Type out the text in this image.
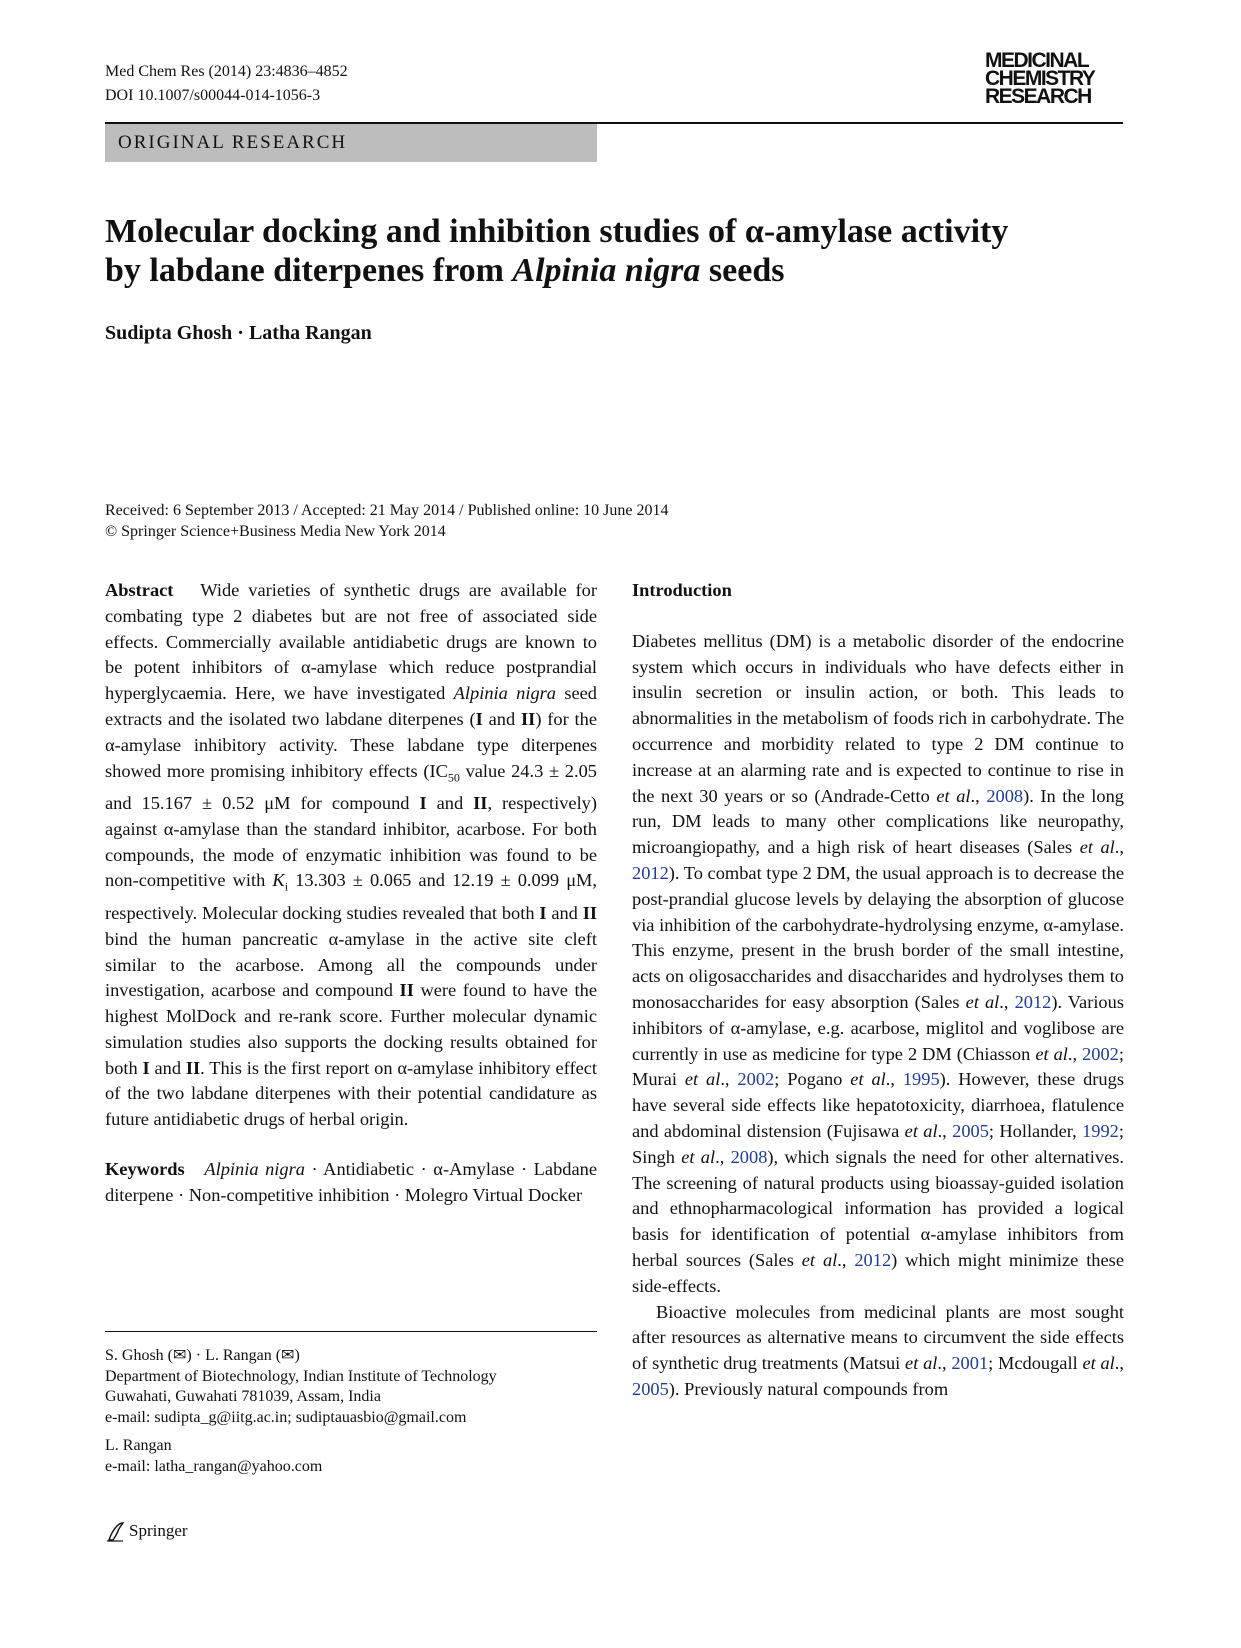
Med Chem Res (2014) 23:4836–4852
DOI 10.1007/s00044-014-1056-3
MEDICINAL
CHEMISTRY
RESEARCH
ORIGINAL RESEARCH
Molecular docking and inhibition studies of α-amylase activity
by labdane diterpenes from Alpinia nigra seeds
Sudipta Ghosh · Latha Rangan
Received: 6 September 2013 / Accepted: 21 May 2014 / Published online: 10 June 2014
© Springer Science+Business Media New York 2014

Abstract Wide varieties of synthetic drugs are available for combating type 2 diabetes but are not free of associated side effects. Commercially available antidiabetic drugs are known to be potent inhibitors of α-amylase which reduce postprandial hyperglycaemia. Here, we have investigated Alpinia nigra seed extracts and the isolated two labdane diterpenes (I and II) for the α-amylase inhibitory activity. These labdane type diterpenes showed more promising inhibitory effects ($IC_{50}$ value 24.3 ± 2.05 and 15.167 ± 0.52 μM for compound I and II, respectively) against α-amylase than the standard inhibitor, acarbose. For both compounds, the mode of enzymatic inhibition was found to be non-competitive with $K_i$ 13.303 ± 0.065 and 12.19 ± 0.099 μM, respectively. Molecular docking studies revealed that both I and II bind the human pancreatic α-amylase in the active site cleft similar to the acarbose. Among all the compounds under investigation, acarbose and compound II were found to have the highest MolDock and re-rank score. Further molecular dynamic simulation studies also supports the docking results obtained for both I and II. This is the first report on α-amylase inhibitory effect of the two labdane diterpenes with their potential candidature as future antidiabetic drugs of herbal origin.

Keywords Alpinia nigra · Antidiabetic · α-Amylase · Labdane diterpene · Non-competitive inhibition · Molegro Virtual Docker

S. Ghosh (✉) · L. Rangan (✉)
Department of Biotechnology, Indian Institute of Technology
Guwahati, Guwahati 781039, Assam, India
e-mail: sudipta_g@iitg.ac.in; sudiptauasbio@gmail.com
L. Rangan
e-mail: latha_rangan@yahoo.com
Springer

Introduction

Diabetes mellitus (DM) is a metabolic disorder of the endocrine system which occurs in individuals who have defects either in insulin secretion or insulin action, or both. This leads to abnormalities in the metabolism of foods rich in carbohydrate. The occurrence and morbidity related to type 2 DM continue to increase at an alarming rate and is expected to continue to rise in the next 30 years or so (Andrade-Cetto et al., 2008). In the long run, DM leads to many other complications like neuropathy, microangiopathy, and a high risk of heart diseases (Sales et al., 2012). To combat type 2 DM, the usual approach is to decrease the post-prandial glucose levels by delaying the absorption of glucose via inhibition of the carbohydrate-hydrolysing enzyme, α-amylase. This enzyme, present in the brush border of the small intestine, acts on oligosaccharides and disaccharides and hydrolyses them to monosaccharides for easy absorption (Sales et al., 2012). Various inhibitors of α-amylase, e.g. acarbose, miglitol and voglibose are currently in use as medicine for type 2 DM (Chiasson et al., 2002; Murai et al., 2002; Pogano et al., 1995). However, these drugs have several side effects like hepatotoxicity, diarrhoea, flatulence and abdominal distension (Fujisawa et al., 2005; Hollander, 1992; Singh et al., 2008), which signals the need for other alternatives. The screening of natural products using bioassay-guided isolation and ethnopharmacological information has provided a logical basis for identification of potential α-amylase inhibitors from herbal sources (Sales et al., 2012) which might minimize these side-effects.

Bioactive molecules from medicinal plants are most sought after resources as alternative means to circumvent the side effects of synthetic drug treatments (Matsui et al., 2001; Mcdougall et al., 2005). Previously natural compounds from
